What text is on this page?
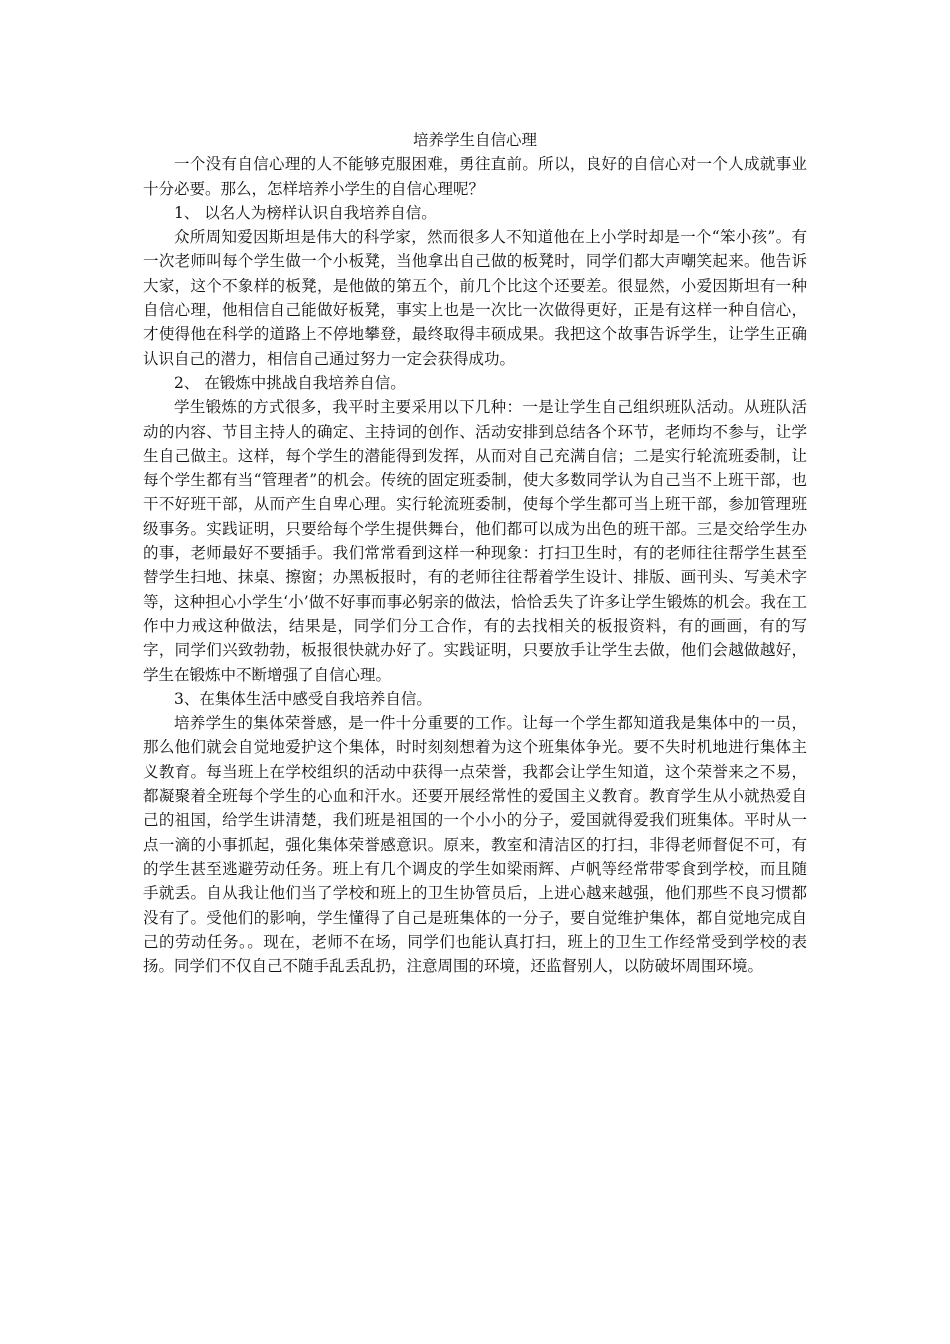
培养学生自信心理

一个没有自信心理的人不能够克服困难，勇往直前。所以，良好的自信心对一个人成就事业十分必要。那么，怎样培养小学生的自信心理呢？

1、 以名人为榜样认识自我培养自信。

众所周知爱因斯坦是伟大的科学家，然而很多人不知道他在上小学时却是一个“笨小孩”。有一次老师叫每个学生做一个小板凳，当他拿出自己做的板凳时，同学们都大声嘲笑起来。他告诉大家，这个不象样的板凳，是他做的第五个，前几个比这个还要差。很显然，小爱因斯坦有一种自信心理，他相信自己能做好板凳，事实上也是一次比一次做得更好，正是有这样一种自信心，才使得他在科学的道路上不停地攀登，最终取得丰硕成果。我把这个故事告诉学生，让学生正确认识自己的潜力，相信自己通过努力一定会获得成功。

2、 在锻炼中挑战自我培养自信。

学生锻炼的方式很多，我平时主要采用以下几种：一是让学生自己组织班队活动。从班队活动的内容、节目主持人的确定、主持词的创作、活动安排到总结各个环节，老师均不参与，让学生自己做主。这样，每个学生的潜能得到发挥，从而对自己充满自信；二是实行轮流班委制，让每个学生都有当“管理者”的机会。传统的固定班委制，使大多数同学认为自己当不上班干部，也干不好班干部，从而产生自卑心理。实行轮流班委制，使每个学生都可当上班干部，参加管理班级事务。实践证明，只要给每个学生提供舞台，他们都可以成为出色的班干部。三是交给学生办的事，老师最好不要插手。我们常常看到这样一种现象：打扫卫生时，有的老师往往帮学生甚至替学生扫地、抹桌、擦窗；办黑板报时，有的老师往往帮着学生设计、排版、画刊头、写美术字等，这种担心小学生‘小’做不好事而事必躬亲的做法，恰恰丢失了许多让学生锻炼的机会。我在工作中力戒这种做法，结果是，同学们分工合作，有的去找相关的板报资料，有的画画，有的写字，同学们兴致勃勃，板报很快就办好了。实践证明，只要放手让学生去做，他们会越做越好，学生在锻炼中不断增强了自信心理。

3、在集体生活中感受自我培养自信。

培养学生的集体荣誉感，是一件十分重要的工作。让每一个学生都知道我是集体中的一员，那么他们就会自觉地爱护这个集体，时时刻刻想着为这个班集体争光。要不失时机地进行集体主义教育。每当班上在学校组织的活动中获得一点荣誉，我都会让学生知道，这个荣誉来之不易，都凝聚着全班每个学生的心血和汗水。还要开展经常性的爱国主义教育。教育学生从小就热爱自己的祖国，给学生讲清楚，我们班是祖国的一个小小的分子，爱国就得爱我们班集体。平时从一点一滴的小事抓起，强化集体荣誉感意识。原来，教室和清洁区的打扫，非得老师督促不可，有的学生甚至逃避劳动任务。班上有几个调皮的学生如梁雨辉、卢帆等经常带零食到学校，而且随手就丢。自从我让他们当了学校和班上的卫生协管员后，上进心越来越强，他们那些不良习惯都没有了。受他们的影响，学生懂得了自己是班集体的一分子，要自觉维护集体，都自觉地完成自己的劳动任务。。现在，老师不在场，同学们也能认真打扫，班上的卫生工作经常受到学校的表扬。同学们不仅自己不随手乱丢乱扔，注意周围的环境，还监督别人，以防破坏周围环境。
